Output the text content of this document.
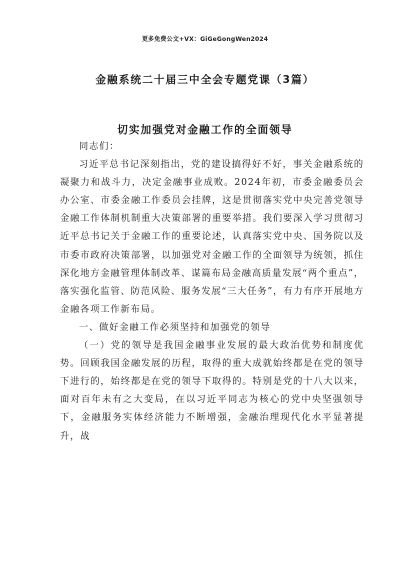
更多免费公文+VX：GiGeGongWen2024
金融系统二十届三中全会专题党课（3篇）
切实加强党对金融工作的全面领导

同志们：

习近平总书记深刻指出，党的建设搞得好不好，事关金融系统的凝聚力和战斗力，决定金融事业成败。2024年初，市委金融委员会办公室、市委金融工作委员会挂牌，这是贯彻落实党中央完善党领导金融工作体制机制重大决策部署的重要举措。我们要深入学习贯彻习近平总书记关于金融工作的重要论述，认真落实党中央、国务院以及市委市政府决策部署，以加强党对金融工作的全面领导为统领，抓住深化地方金融管理体制改革、谋篇布局金融高质量发展“两个重点”，落实强化监管、防范风险、服务发展“三大任务”，有力有序开展地方金融各项工作新布局。

一、做好金融工作必须坚持和加强党的领导

（一）党的领导是我国金融事业发展的最大政治优势和制度优势。回顾我国金融发展的历程，取得的重大成就始终都是在党的领导下进行的，始终都是在党的领导下取得的。特别是党的十八大以来，面对百年未有之大变局，在以习近平同志为核心的党中央坚强领导下，金融服务实体经济能力不断增强，金融治理现代化水平显著提升，战
